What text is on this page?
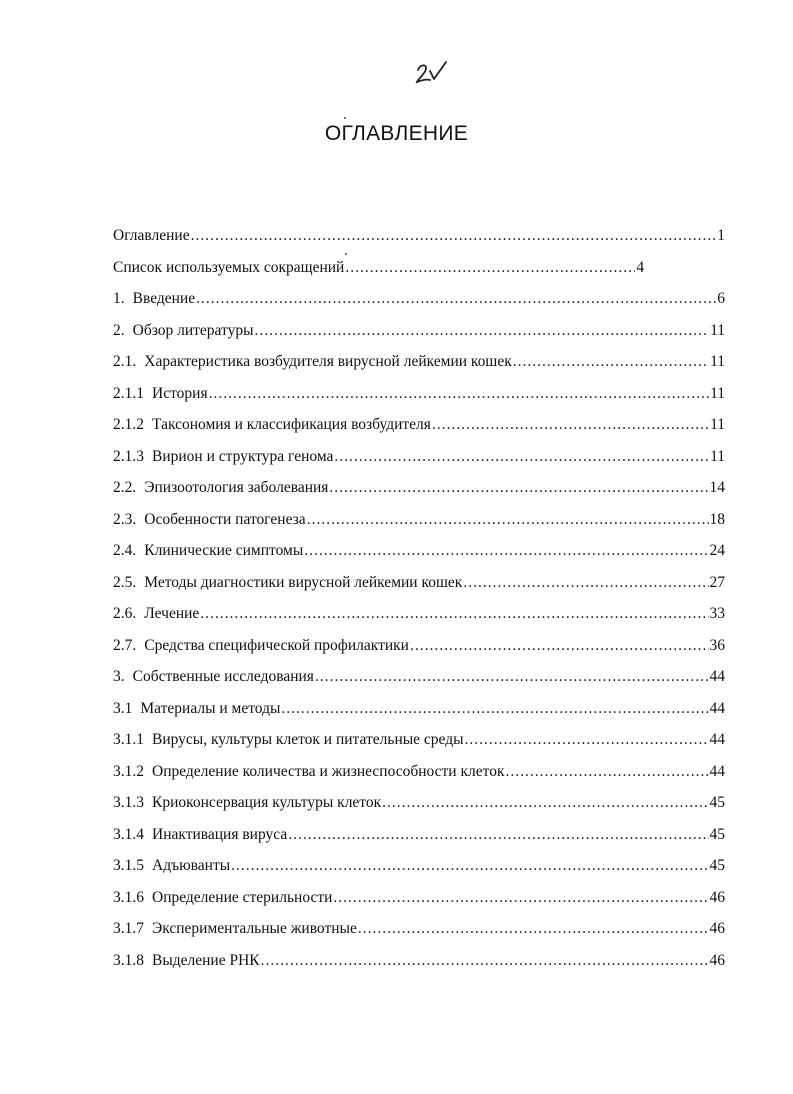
ОГЛАВЛЕНИЕ
Оглавление .....	1
Список используемых сокращений .....	4
1. Введение .....	6
2. Обзор литературы .....	11
2.1. Характеристика возбудителя вирусной лейкемии кошек .....	11
2.1.1 История .....	11
2.1.2 Таксономия и классификация возбудителя .....	11
2.1.3 Вирион и структура генома .....	11
2.2. Эпизоотология заболевания .....	14
2.3. Особенности патогенеза .....	18
2.4. Клинические симптомы .....	24
2.5. Методы диагностики вирусной лейкемии кошек .....	27
2.6. Лечение .....	33
2.7. Средства специфической профилактики .....	36
3. Собственные исследования .....	44
3.1 Материалы и методы .....	44
3.1.1 Вирусы, культуры клеток и питательные среды .....	44
3.1.2 Определение количества и жизнеспособности клеток .....	44
3.1.3 Криоконсервация культуры клеток .....	45
3.1.4 Инактивация вируса .....	45
3.1.5 Адъюванты .....	45
3.1.6 Определение стерильности .....	46
3.1.7 Экспериментальные животные .....	46
3.1.8 Выделение РНК .....	46
